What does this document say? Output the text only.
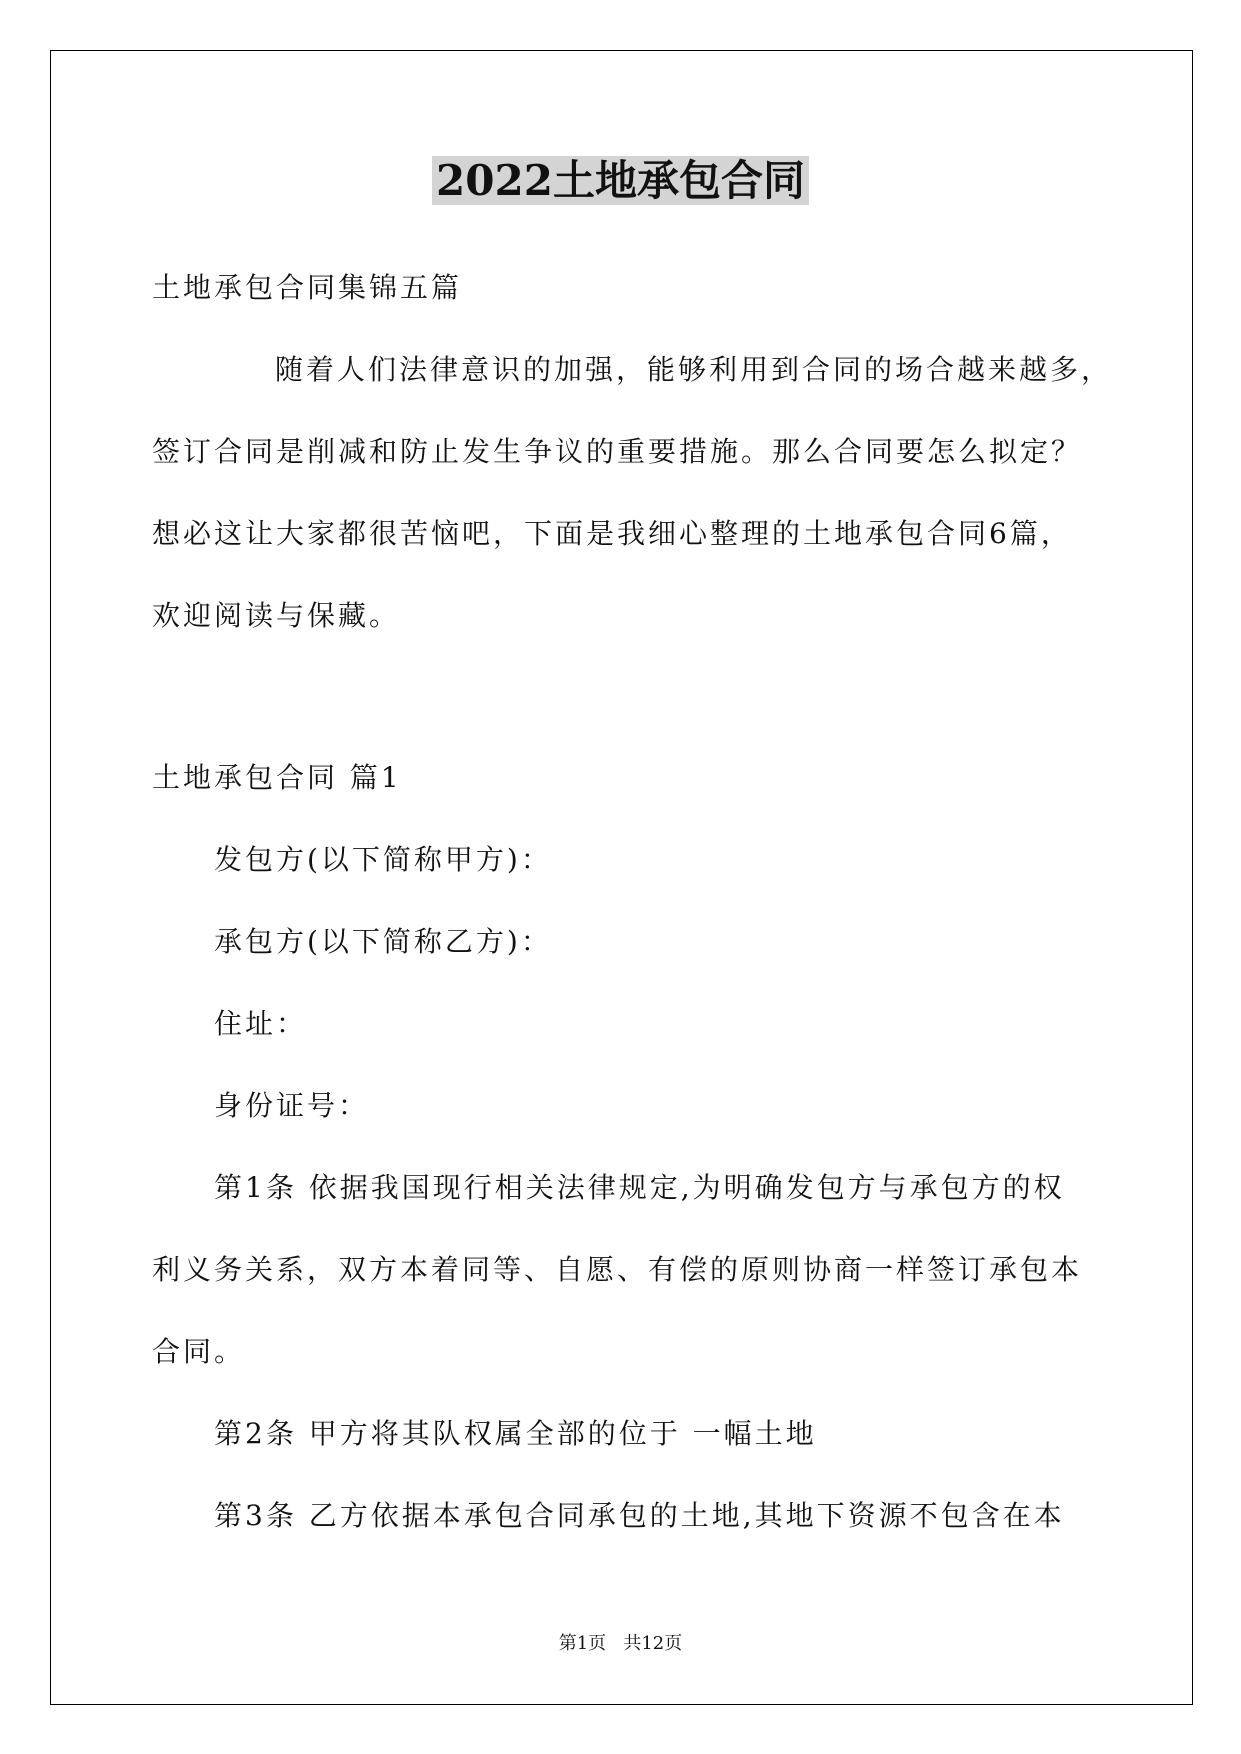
2022土地承包合同
土地承包合同集锦五篇
随着人们法律意识的加强，能够利用到合同的场合越来越多，
签订合同是削减和防止发生争议的重要措施。那么合同要怎么拟定？
想必这让大家都很苦恼吧，下面是我细心整理的土地承包合同6篇，
欢迎阅读与保藏。
土地承包合同 篇1
发包方(以下简称甲方)：
承包方(以下简称乙方)：
住址：
身份证号：
第1条 依据我国现行相关法律规定,为明确发包方与承包方的权
利义务关系，双方本着同等、自愿、有偿的原则协商一样签订承包本
合同。
第2条 甲方将其队权属全部的位于 一幅土地
第3条 乙方依据本承包合同承包的土地,其地下资源不包含在本
第1页   共12页
